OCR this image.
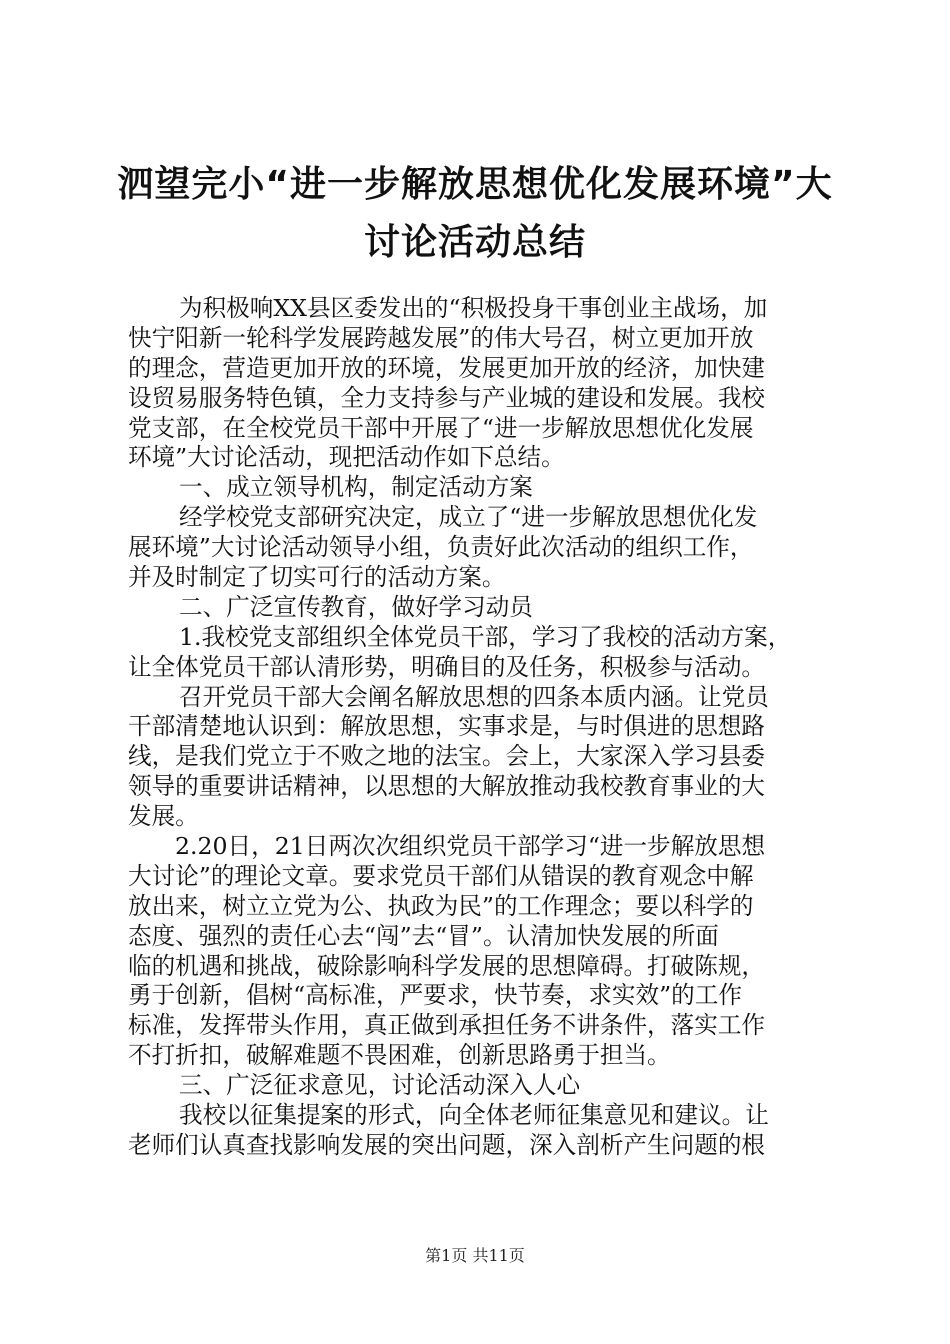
泗望完小“进一步解放思想优化发展环境”大
讨论活动总结
为积极响XX县区委发出的“积极投身干事创业主战场，加
快宁阳新一轮科学发展跨越发展”的伟大号召，树立更加开放
的理念，营造更加开放的环境，发展更加开放的经济，加快建
设贸易服务特色镇，全力支持参与产业城的建设和发展。我校
党支部，在全校党员干部中开展了“进一步解放思想优化发展
环境”大讨论活动，现把活动作如下总结。
一、成立领导机构，制定活动方案
经学校党支部研究决定，成立了“进一步解放思想优化发
展环境”大讨论活动领导小组，负责好此次活动的组织工作，
并及时制定了切实可行的活动方案。
二、广泛宣传教育，做好学习动员
1.我校党支部组织全体党员干部，学习了我校的活动方案，
让全体党员干部认清形势，明确目的及任务，积极参与活动。
召开党员干部大会阐名解放思想的四条本质内涵。让党员
干部清楚地认识到：解放思想，实事求是，与时俱进的思想路
线，是我们党立于不败之地的法宝。会上，大家深入学习县委
领导的重要讲话精神，以思想的大解放推动我校教育事业的大
发展。
2.20日，21日两次次组织党员干部学习“进一步解放思想
大讨论”的理论文章。要求党员干部们从错误的教育观念中解
放出来，树立立党为公、执政为民”的工作理念；要以科学的
态度、强烈的责任心去“闯”去“冒”。认清加快发展的所面
临的机遇和挑战，破除影响科学发展的思想障碍。打破陈规，
勇于创新，倡树“高标准，严要求，快节奏，求实效”的工作
标准，发挥带头作用，真正做到承担任务不讲条件，落实工作
不打折扣，破解难题不畏困难，创新思路勇于担当。
三、广泛征求意见，讨论活动深入人心
我校以征集提案的形式，向全体老师征集意见和建议。让
老师们认真查找影响发展的突出问题，深入剖析产生问题的根
第1页 共11页
